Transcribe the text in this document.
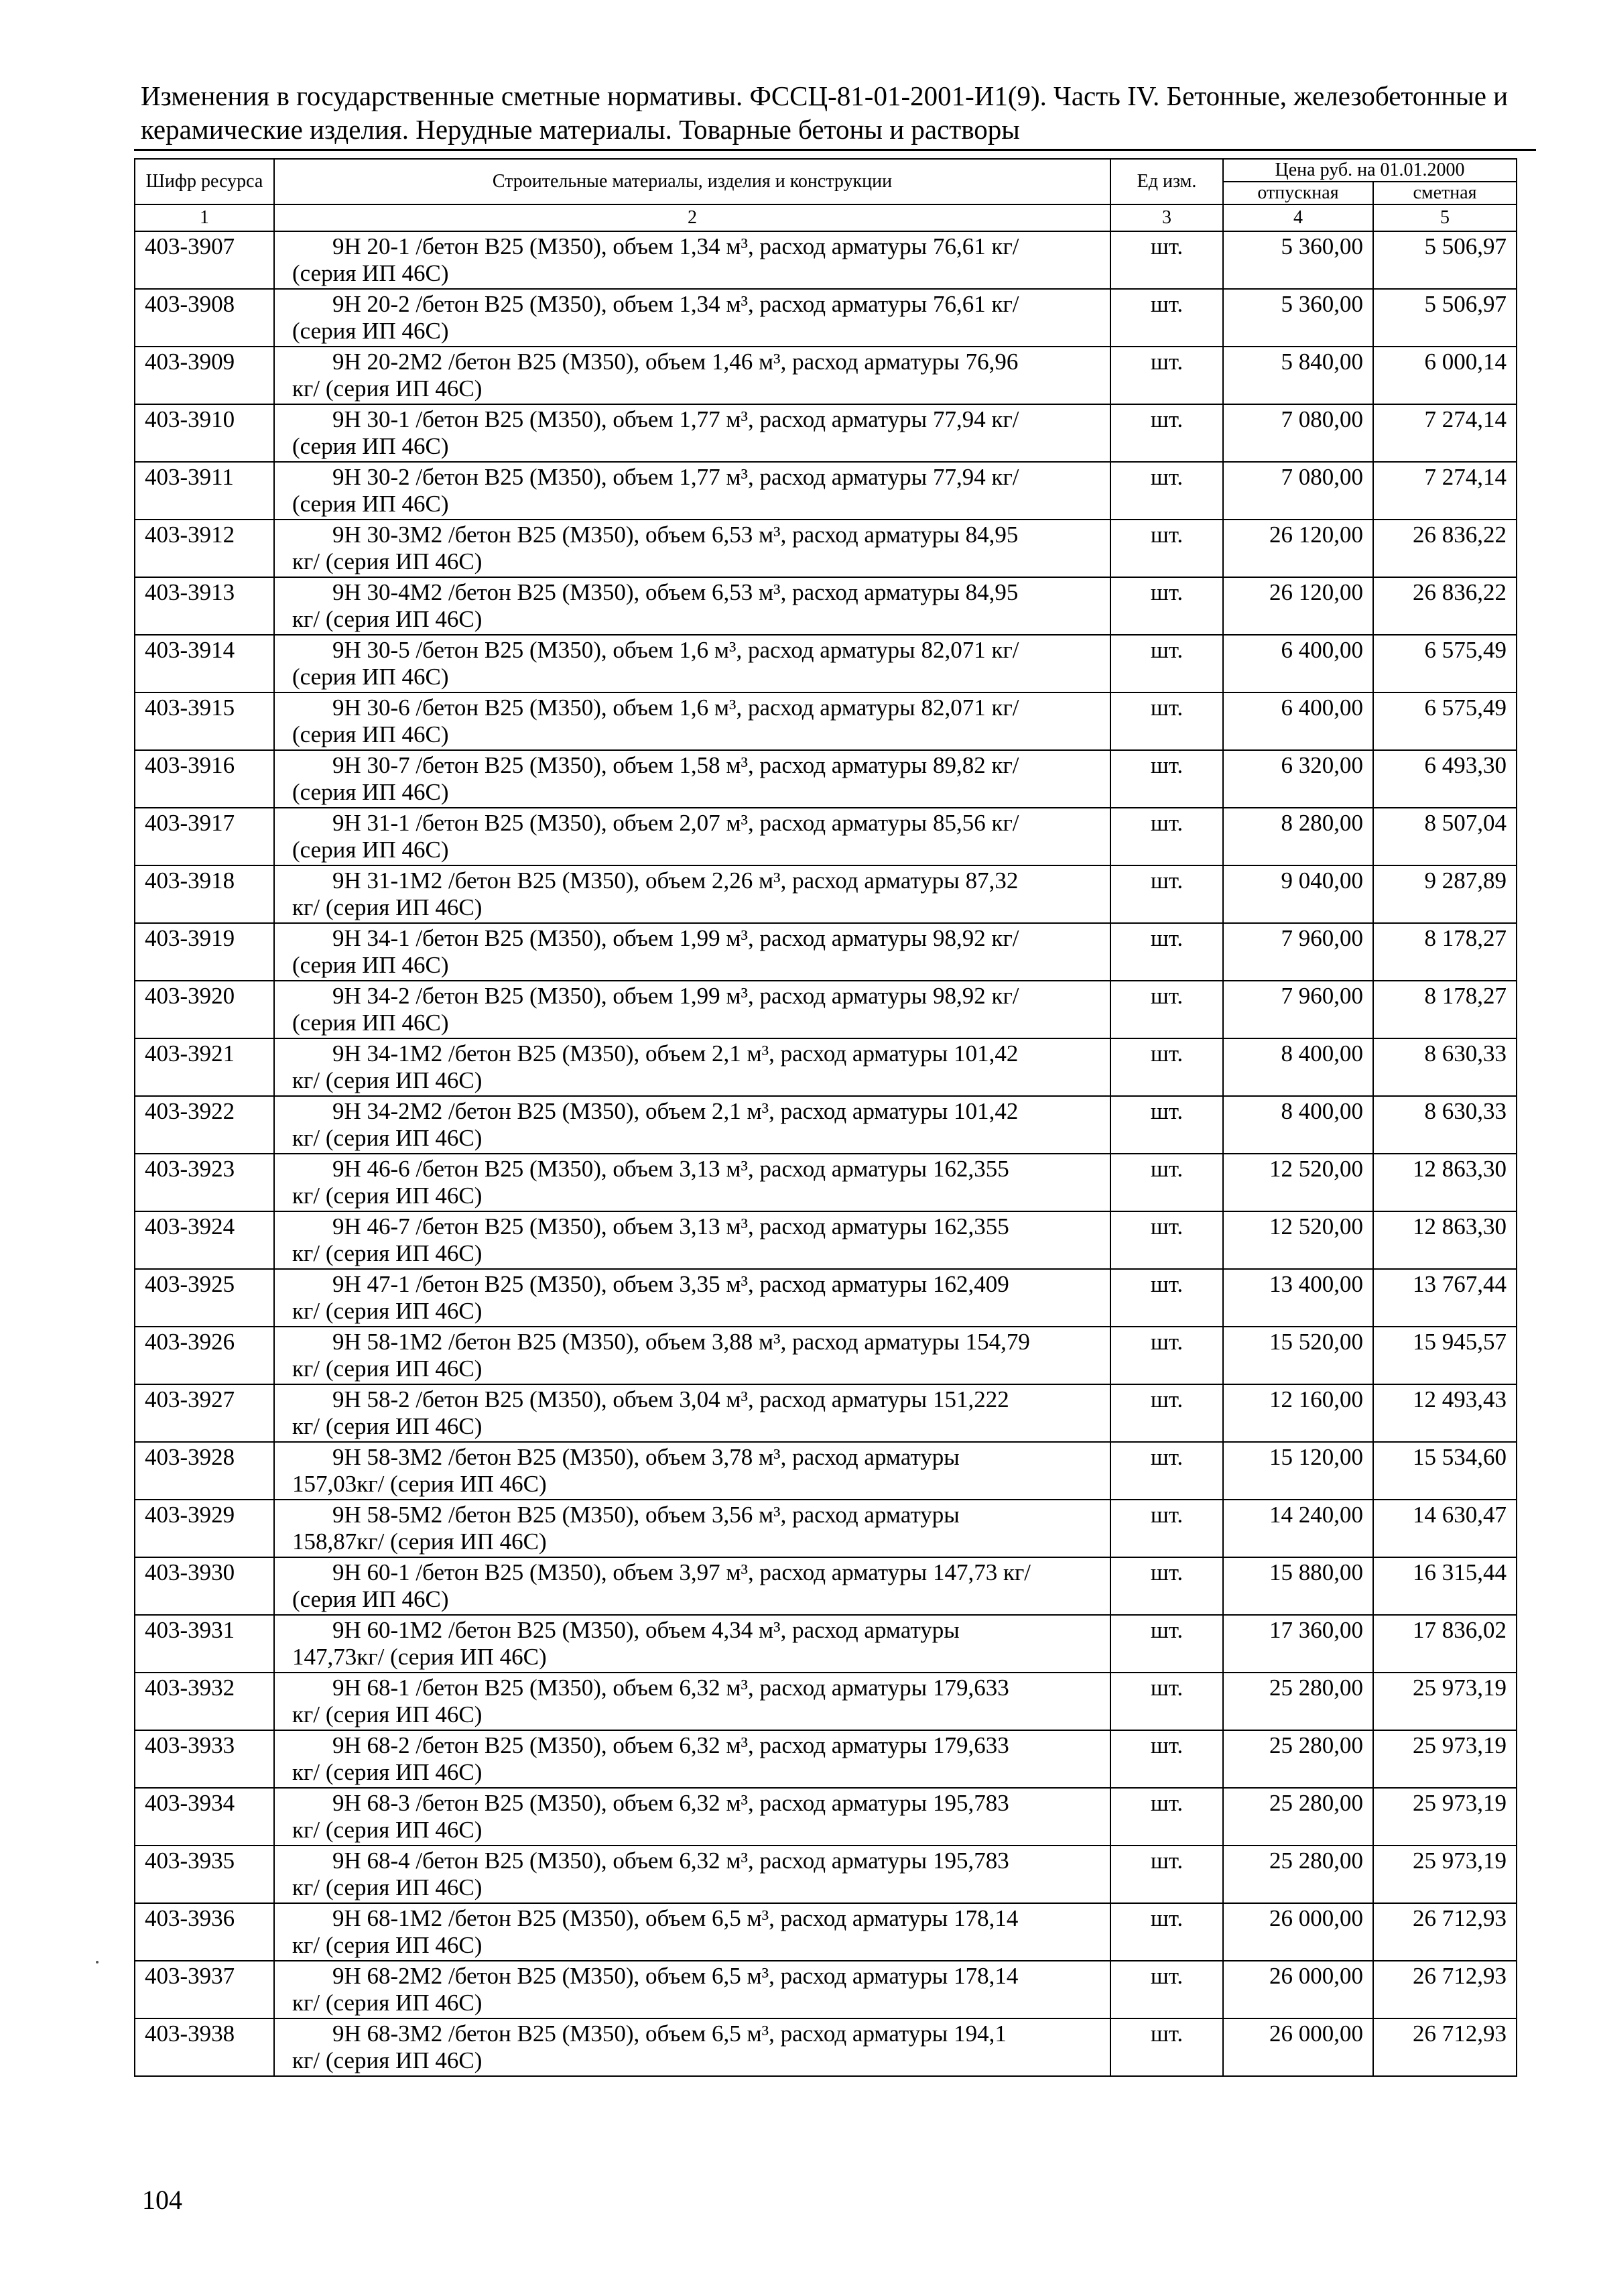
Изменения в государственные сметные нормативы. ФССЦ-81-01-2001-И1(9). Часть IV. Бетонные, железобетонные и
керамические изделия. Нерудные материалы. Товарные бетоны и растворы
Шифр ресурса	Строительные материалы, изделия и конструкции	Ед изм.	Цена руб. на 01.01.2000	
			отпускная	сметная
1	2	3	4	5
403-3907	9Н 20-1 /бетон В25 (М350), объем 1,34 м³, расход арматуры 76,61 кг/
(серия ИП 46С)	шт.	5 360,00	5 506,97
403-3908	9Н 20-2 /бетон В25 (М350), объем 1,34 м³, расход арматуры 76,61 кг/
(серия ИП 46С)	шт.	5 360,00	5 506,97
403-3909	9Н 20-2М2 /бетон В25 (М350), объем 1,46 м³, расход арматуры 76,96
кг/ (серия ИП 46С)	шт.	5 840,00	6 000,14
403-3910	9Н 30-1 /бетон В25 (М350), объем 1,77 м³, расход арматуры 77,94 кг/
(серия ИП 46С)	шт.	7 080,00	7 274,14
403-3911	9Н 30-2 /бетон В25 (М350), объем 1,77 м³, расход арматуры 77,94 кг/
(серия ИП 46С)	шт.	7 080,00	7 274,14
403-3912	9Н 30-3М2 /бетон В25 (М350), объем 6,53 м³, расход арматуры 84,95
кг/ (серия ИП 46С)	шт.	26 120,00	26 836,22
403-3913	9Н 30-4М2 /бетон В25 (М350), объем 6,53 м³, расход арматуры 84,95
кг/ (серия ИП 46С)	шт.	26 120,00	26 836,22
403-3914	9Н 30-5 /бетон В25 (М350), объем 1,6 м³, расход арматуры 82,071 кг/
(серия ИП 46С)	шт.	6 400,00	6 575,49
403-3915	9Н 30-6 /бетон В25 (М350), объем 1,6 м³, расход арматуры 82,071 кг/
(серия ИП 46С)	шт.	6 400,00	6 575,49
403-3916	9Н 30-7 /бетон В25 (М350), объем 1,58 м³, расход арматуры 89,82 кг/
(серия ИП 46С)	шт.	6 320,00	6 493,30
403-3917	9Н 31-1 /бетон В25 (М350), объем 2,07 м³, расход арматуры 85,56 кг/
(серия ИП 46С)	шт.	8 280,00	8 507,04
403-3918	9Н 31-1М2 /бетон В25 (М350), объем 2,26 м³, расход арматуры 87,32
кг/ (серия ИП 46С)	шт.	9 040,00	9 287,89
403-3919	9Н 34-1 /бетон В25 (М350), объем 1,99 м³, расход арматуры 98,92 кг/
(серия ИП 46С)	шт.	7 960,00	8 178,27
403-3920	9Н 34-2 /бетон В25 (М350), объем 1,99 м³, расход арматуры 98,92 кг/
(серия ИП 46С)	шт.	7 960,00	8 178,27
403-3921	9Н 34-1М2 /бетон В25 (М350), объем 2,1 м³, расход арматуры 101,42
кг/ (серия ИП 46С)	шт.	8 400,00	8 630,33
403-3922	9Н 34-2М2 /бетон В25 (М350), объем 2,1 м³, расход арматуры 101,42
кг/ (серия ИП 46С)	шт.	8 400,00	8 630,33
403-3923	9Н 46-6 /бетон В25 (М350), объем 3,13 м³, расход арматуры 162,355
кг/ (серия ИП 46С)	шт.	12 520,00	12 863,30
403-3924	9Н 46-7 /бетон В25 (М350), объем 3,13 м³, расход арматуры 162,355
кг/ (серия ИП 46С)	шт.	12 520,00	12 863,30
403-3925	9Н 47-1 /бетон В25 (М350), объем 3,35 м³, расход арматуры 162,409
кг/ (серия ИП 46С)	шт.	13 400,00	13 767,44
403-3926	9Н 58-1М2 /бетон В25 (М350), объем 3,88 м³, расход арматуры 154,79
кг/ (серия ИП 46С)	шт.	15 520,00	15 945,57
403-3927	9Н 58-2 /бетон В25 (М350), объем 3,04 м³, расход арматуры 151,222
кг/ (серия ИП 46С)	шт.	12 160,00	12 493,43
403-3928	9Н 58-3М2 /бетон В25 (М350), объем 3,78 м³, расход арматуры
157,03кг/ (серия ИП 46С)	шт.	15 120,00	15 534,60
403-3929	9Н 58-5М2 /бетон В25 (М350), объем 3,56 м³, расход арматуры
158,87кг/ (серия ИП 46С)	шт.	14 240,00	14 630,47
403-3930	9Н 60-1 /бетон В25 (М350), объем 3,97 м³, расход арматуры 147,73 кг/
(серия ИП 46С)	шт.	15 880,00	16 315,44
403-3931	9Н 60-1М2 /бетон В25 (М350), объем 4,34 м³, расход арматуры
147,73кг/ (серия ИП 46С)	шт.	17 360,00	17 836,02
403-3932	9Н 68-1 /бетон В25 (М350), объем 6,32 м³, расход арматуры 179,633
кг/ (серия ИП 46С)	шт.	25 280,00	25 973,19
403-3933	9Н 68-2 /бетон В25 (М350), объем 6,32 м³, расход арматуры 179,633
кг/ (серия ИП 46С)	шт.	25 280,00	25 973,19
403-3934	9Н 68-3 /бетон В25 (М350), объем 6,32 м³, расход арматуры 195,783
кг/ (серия ИП 46С)	шт.	25 280,00	25 973,19
403-3935	9Н 68-4 /бетон В25 (М350), объем 6,32 м³, расход арматуры 195,783
кг/ (серия ИП 46С)	шт.	25 280,00	25 973,19
403-3936	9Н 68-1М2 /бетон В25 (М350), объем 6,5 м³, расход арматуры 178,14
кг/ (серия ИП 46С)	шт.	26 000,00	26 712,93
403-3937	9Н 68-2М2 /бетон В25 (М350), объем 6,5 м³, расход арматуры 178,14
кг/ (серия ИП 46С)	шт.	26 000,00	26 712,93
403-3938	9Н 68-3М2 /бетон В25 (М350), объем 6,5 м³, расход арматуры 194,1
кг/ (серия ИП 46С)	шт.	26 000,00	26 712,93
104
